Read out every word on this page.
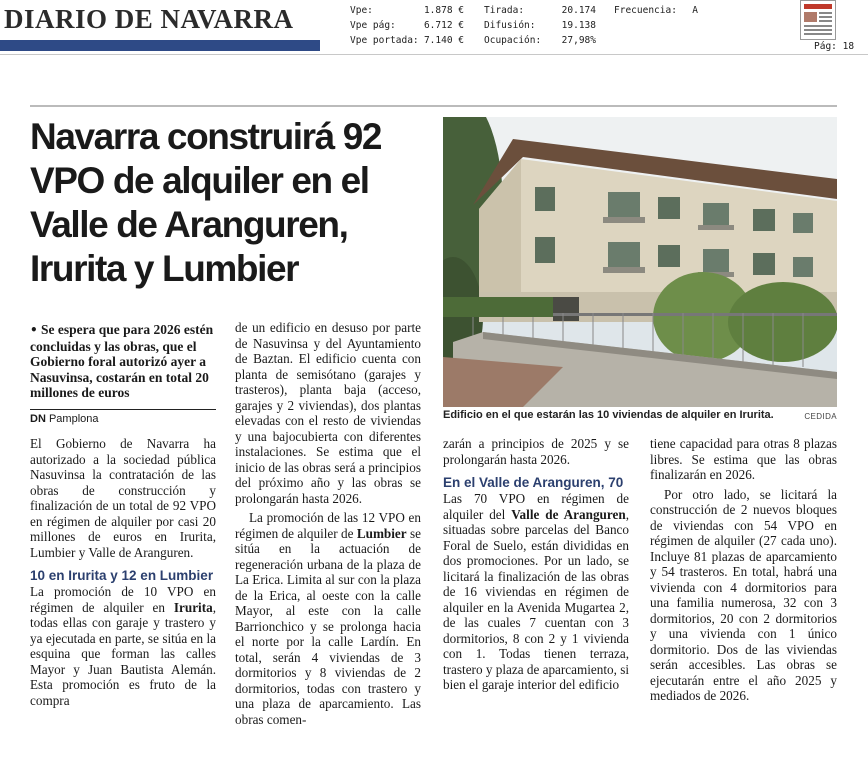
DIARIO DE NAVARRA	Vpe:	1.878 €
Vpe pág:	6.712 €
Vpe portada: 7.140 €
Tirada:	20.174
Difusión:	19.138
Ocupación: 27,98%
Frecuencia: A
Pág: 18
Navarra construirá 92 VPO de alquiler en el Valle de Aranguren, Irurita y Lumbier
• Se espera que para 2026 estén concluidas y las obras, que el Gobierno foral autorizó ayer a Nasuvinsa, costarán en total 20 millones de euros
DN Pamplona

El Gobierno de Navarra ha autorizado a la sociedad pública Nasuvinsa la contratación de las obras de construcción y finalización de un total de 92 VPO en régimen de alquiler por casi 20 millones de euros en Irurita, Lumbier y Valle de Aranguren.

10 en Irurita y 12 en Lumbier

La promoción de 10 VPO en régimen de alquiler en Irurita, todas ellas con garaje y trastero y ya ejecutada en parte, se sitúa en la esquina que forman las calles Mayor y Juan Bautista Alemán. Esta promoción es fruto de la compra

de un edificio en desuso por parte de Nasuvinsa y del Ayuntamiento de Baztan. El edificio cuenta con planta de semisótano (garajes y trasteros), planta baja (acceso, garajes y 2 viviendas), dos plantas elevadas con el resto de viviendas y una bajocubierta con diferentes instalaciones. Se estima que el inicio de las obras será a principios del próximo año y las obras se prolongarán hasta 2026.

La promoción de las 12 VPO en régimen de alquiler de Lumbier se sitúa en la actuación de regeneración urbana de la plaza de La Erica. Limita al sur con la plaza de la Erica, al oeste con la calle Mayor, al este con la calle Barrionchico y se prolonga hacia el norte por la calle Lardín. En total, serán 4 viviendas de 3 dormitorios y 8 viviendas de 2 dormitorios, todas con trastero y una plaza de aparcamiento. Las obras comen-

zarán a principios de 2025 y se prolongarán hasta 2026.

En el Valle de Aranguren, 70

Las 70 VPO en régimen de alquiler del Valle de Aranguren, situadas sobre parcelas del Banco Foral de Suelo, están divididas en dos promociones. Por un lado, se licitará la finalización de las obras de 16 viviendas en régimen de alquiler en la Avenida Mugartea 2, de las cuales 7 cuentan con 3 dormitorios, 8 con 2 y 1 vivienda con 1. Todas tienen terraza, trastero y plaza de aparcamiento, si bien el garaje interior del edificio

tiene capacidad para otras 8 plazas libres. Se estima que las obras finalizarán en 2026.

Por otro lado, se licitará la construcción de 2 nuevos bloques de viviendas con 54 VPO en régimen de alquiler (27 cada uno). Incluye 81 plazas de aparcamiento y 54 trasteros. En total, habrá una vivienda con 4 dormitorios para una familia numerosa, 32 con 3 dormitorios, 20 con 2 dormitorios y una vivienda con 1 único dormitorio. Dos de las viviendas serán accesibles. Las obras se ejecutarán entre el año 2025 y mediados de 2026.

Edificio en el que estarán las 10 viviendas de alquiler en Irurita.	CEDIDA
